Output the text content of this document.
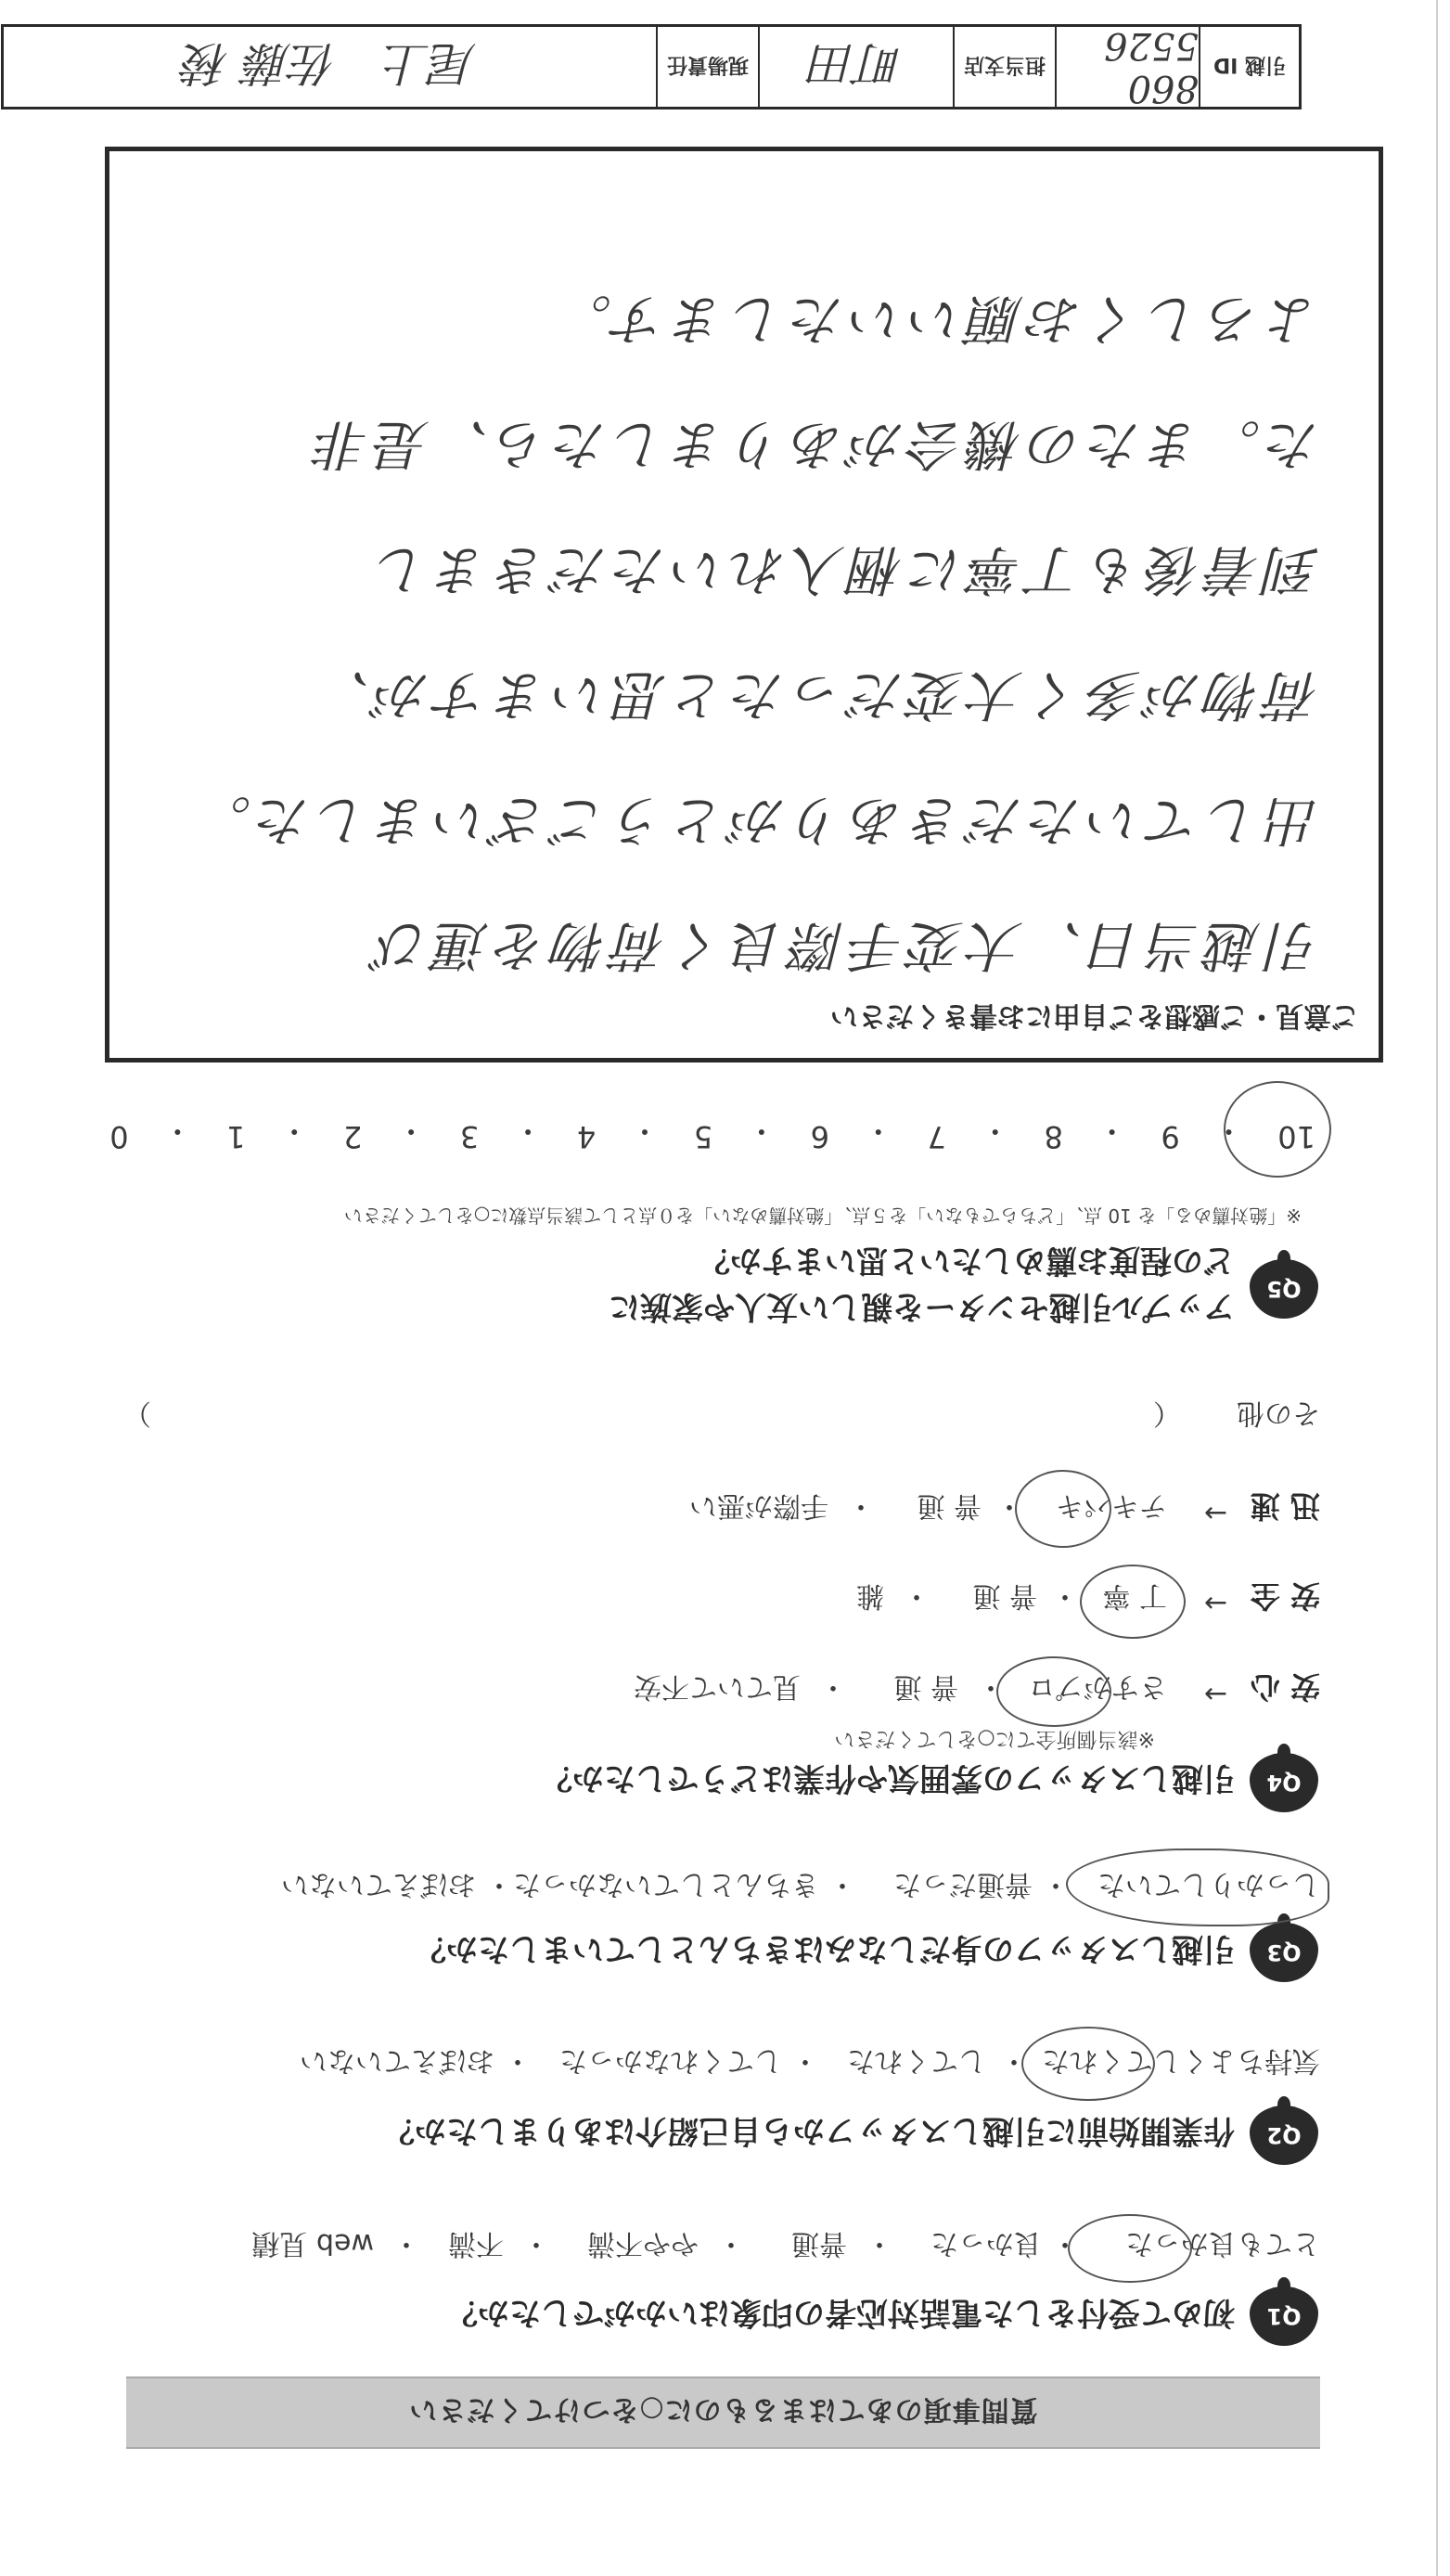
質問事項のあてはまるものに○をつけてください
Q1
初めて受付をした電話対応者の印象はいかがでしたか？
とても良かった
・
良かった
・
普通
・
やや不満
・
不満
・
web 見積
Q2
作業開始前に引越しスタッフから自己紹介はありましたか？
気持ちよくしてくれた
・
してくれた
・
してくれなかった
・
おぼえていない
Q3
引越しスタッフの身だしなみはきちんとしていましたか？
しっかりしていた
・
普通だった
・
きちんとしていなかった
・
おぼえていない
Q4
引越しスタッフの雰囲気や作業はどうでしたか？
※該当個所全てに○をしてください
安 心
→
さすがプロ
・
普 通
・
見ていて不安
安 全
→
丁 寧
・
普 通
・
雑
迅 速
→
テキパキ
・
普 通
・
手際が悪い
その他
（
）
Q5
アップル引越センターを親しい友人や家族に
どの程度お薦めしたいと思いますか？
※「絶対薦める」を 10 点、「どちらでもない」を５点、「絶対薦めない」を０点として該当点数に○をしてください
10
・
9
・
8
・
7
・
6
・
5
・
4
・
3
・
2
・
1
・
0
ご意見・ご感想をご自由にお書きください
引越当日、大変手際良く荷物を運び
出していただきありがとうございました。
荷物が多く大変だったと思いますが、
到着後も丁寧に梱入れいただきまし
た。またの機会がありましたら、是非
よろしくお願いいたします。
引越 ID
860 5526
担当支店
町田
現場責任
尾上　佐藤 稜
